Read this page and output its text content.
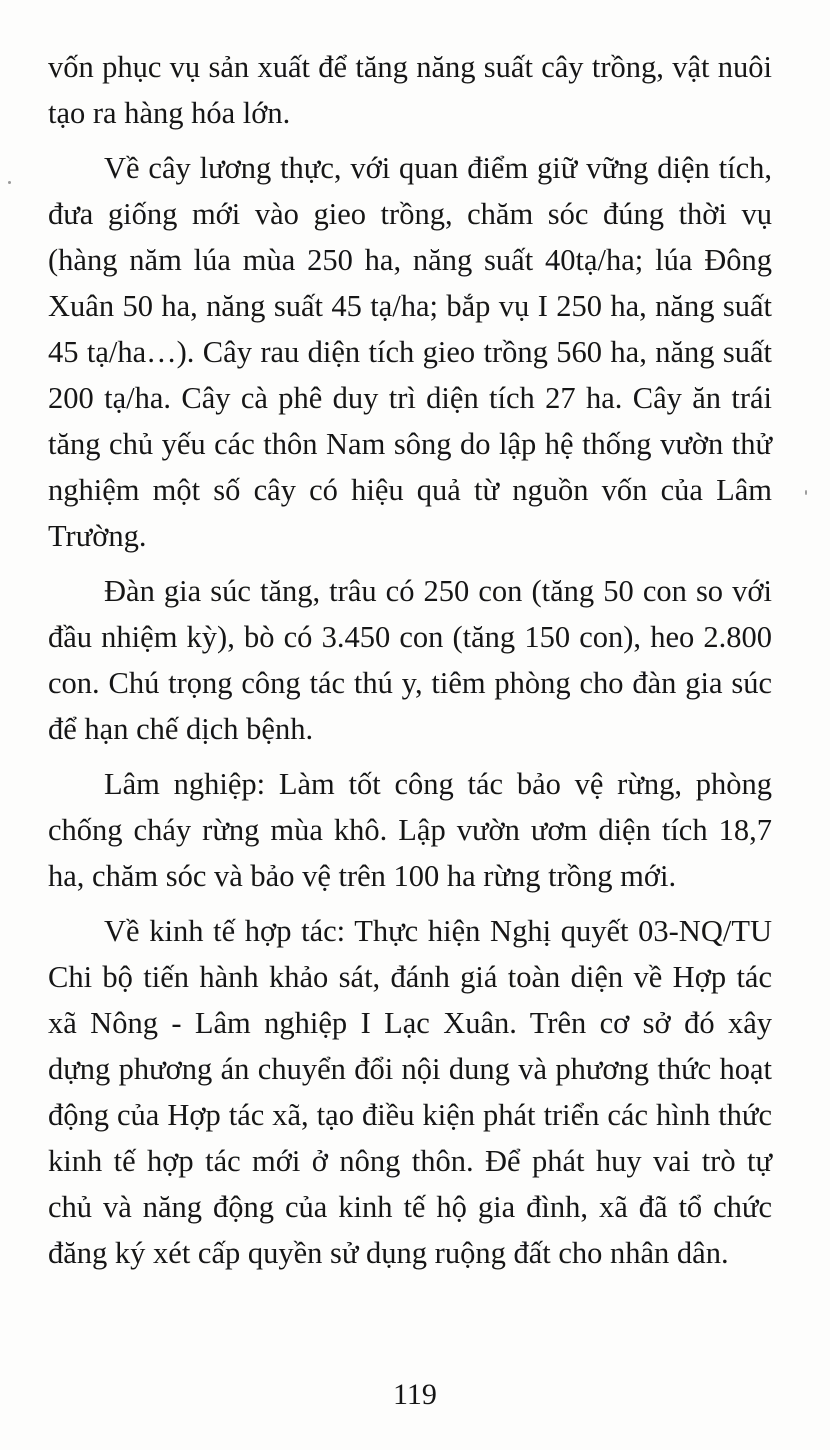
vốn phục vụ sản xuất để tăng năng suất cây trồng, vật nuôi tạo ra hàng hóa lớn.

Về cây lương thực, với quan điểm giữ vững diện tích, đưa giống mới vào gieo trồng, chăm sóc đúng thời vụ (hàng năm lúa mùa 250 ha, năng suất 40tạ/ha; lúa Đông Xuân 50 ha, năng suất 45 tạ/ha; bắp vụ I 250 ha, năng suất 45 tạ/ha…). Cây rau diện tích gieo trồng 560 ha, năng suất 200 tạ/ha. Cây cà phê duy trì diện tích 27 ha. Cây ăn trái tăng chủ yếu các thôn Nam sông do lập hệ thống vườn thử nghiệm một số cây có hiệu quả từ nguồn vốn của Lâm Trường.

Đàn gia súc tăng, trâu có 250 con (tăng 50 con so với đầu nhiệm kỳ), bò có 3.450 con (tăng 150 con), heo 2.800 con. Chú trọng công tác thú y, tiêm phòng cho đàn gia súc để hạn chế dịch bệnh.

Lâm nghiệp: Làm tốt công tác bảo vệ rừng, phòng chống cháy rừng mùa khô. Lập vườn ươm diện tích 18,7 ha, chăm sóc và bảo vệ trên 100 ha rừng trồng mới.

Về kinh tế hợp tác: Thực hiện Nghị quyết 03-NQ/TU Chi bộ tiến hành khảo sát, đánh giá toàn diện về Hợp tác xã Nông - Lâm nghiệp I Lạc Xuân. Trên cơ sở đó xây dựng phương án chuyển đổi nội dung và phương thức hoạt động của Hợp tác xã, tạo điều kiện phát triển các hình thức kinh tế hợp tác mới ở nông thôn. Để phát huy vai trò tự chủ và năng động của kinh tế hộ gia đình, xã đã tổ chức đăng ký xét cấp quyền sử dụng ruộng đất cho nhân dân.

119
